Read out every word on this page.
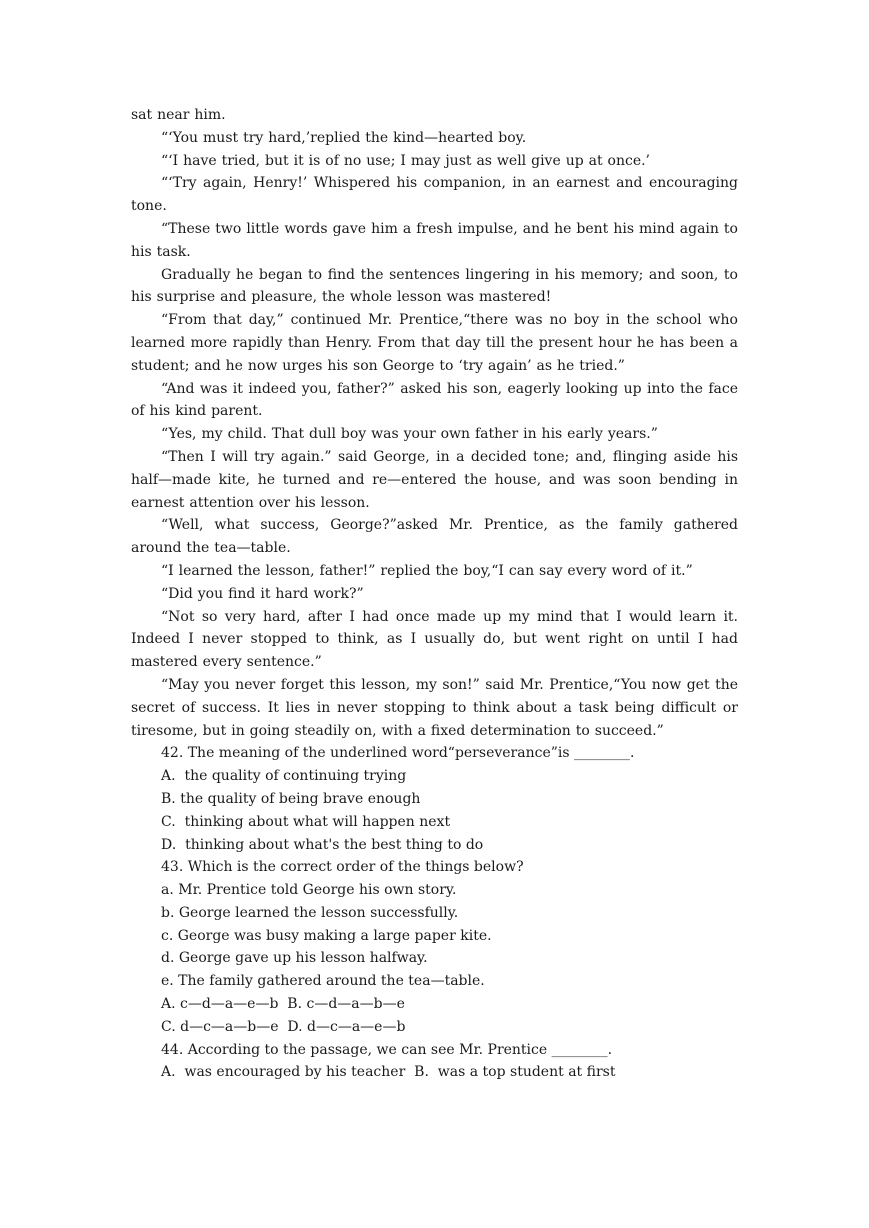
sat near him.

“‘You must try hard,’replied the kind—hearted boy.

“‘I have tried, but it is of no use; I may just as well give up at once.’

“‘Try again, Henry!’ Whispered his companion, in an earnest and encouraging tone.

“These two little words gave him a fresh impulse, and he bent his mind again to his task.

Gradually he began to find the sentences lingering in his memory; and soon, to his surprise and pleasure, the whole lesson was mastered!

“From that day,” continued Mr. Prentice,“there was no boy in the school who learned more rapidly than Henry. From that day till the present hour he has been a student; and he now urges his son George to ‘try again’ as he tried.”

“And was it indeed you, father?” asked his son, eagerly looking up into the face of his kind parent.

“Yes, my child. That dull boy was your own father in his early years.”

“Then I will try again.” said George, in a decided tone; and, flinging aside his half—made kite, he turned and re—entered the house, and was soon bending in earnest attention over his lesson.

“Well, what success, George?”asked Mr. Prentice, as the family gathered around the tea—table.

“I learned the lesson, father!” replied the boy,“I can say every word of it.”

“Did you find it hard work?”

“Not so very hard, after I had once made up my mind that I would learn it. Indeed I never stopped to think, as I usually do, but went right on until I had mastered every sentence.”

“May you never forget this lesson, my son!” said Mr. Prentice,“You now get the secret of success. It lies in never stopping to think about a task being difficult or tiresome, but in going steadily on, with a fixed determination to succeed.”

42. The meaning of the underlined word“perseverance”is ________.

A.  the quality of continuing trying

B. the quality of being brave enough

C.  thinking about what will happen next

D.  thinking about what's the best thing to do

43. Which is the correct order of the things below?

a. Mr. Prentice told George his own story.

b. George learned the lesson successfully.

c. George was busy making a large paper kite.

d. George gave up his lesson halfway.

e. The family gathered around the tea—table.

A. c—d—a—e—b  B. c—d—a—b—e

C. d—c—a—b—e  D. d—c—a—e—b

44. According to the passage, we can see Mr. Prentice ________.

A.  was encouraged by his teacher  B.  was a top student at first
